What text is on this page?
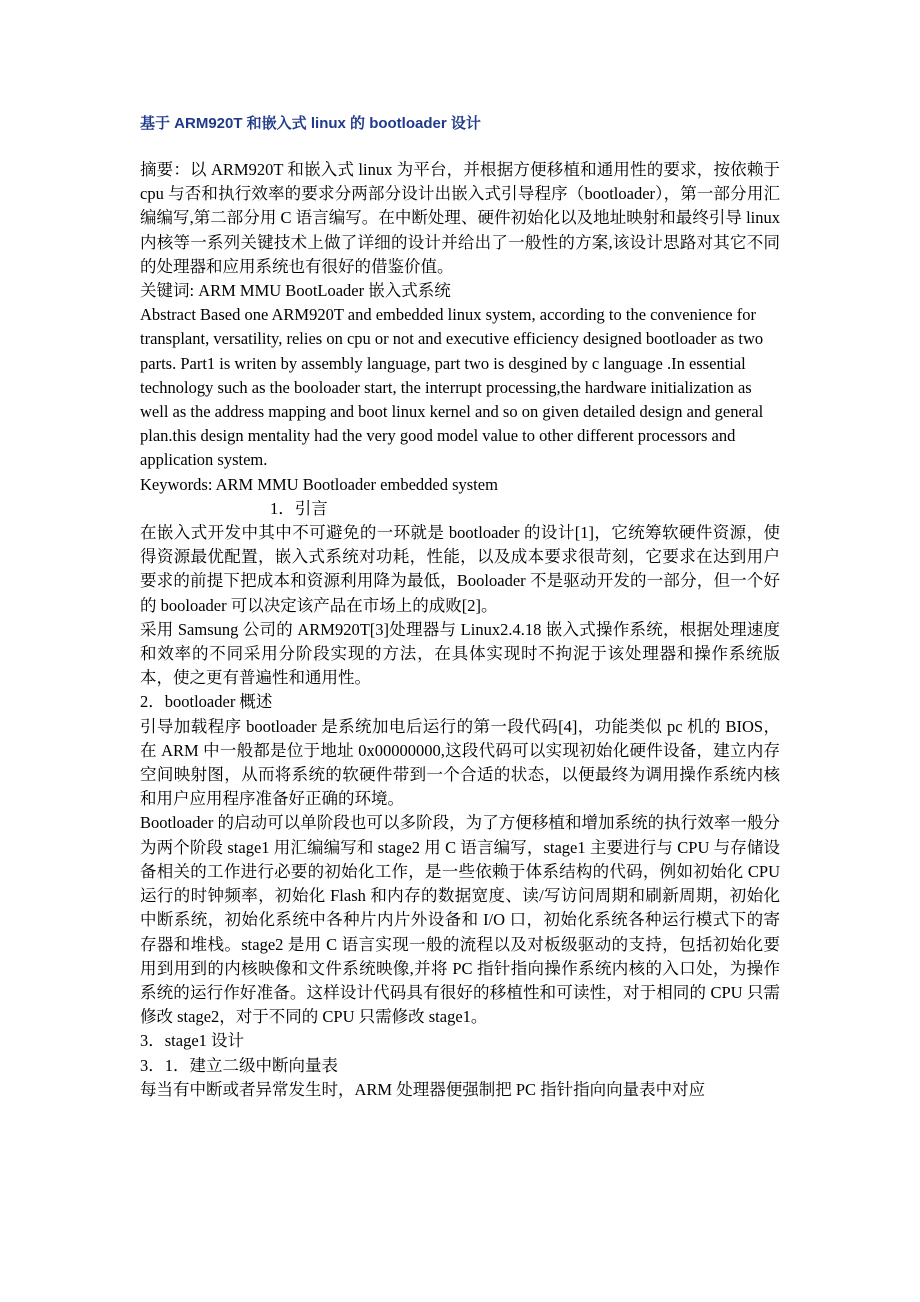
基于 ARM920T 和嵌入式 linux 的 bootloader 设计

摘要：以 ARM920T 和嵌入式 linux 为平台，并根据方便移植和通用性的要求，按依赖于 cpu 与否和执行效率的要求分两部分设计出嵌入式引导程序（bootloader），第一部分用汇编编写,第二部分用 C 语言编写。在中断处理、硬件初始化以及地址映射和最终引导 linux 内核等一系列关键技术上做了详细的设计并给出了一般性的方案,该设计思路对其它不同的处理器和应用系统也有很好的借鉴价值。

关键词: ARM MMU BootLoader 嵌入式系统

Abstract Based one ARM920T and embedded linux system, according to the convenience for transplant, versatility, relies on cpu or not and executive efficiency designed bootloader as two parts. Part1 is writen by assembly language, part two is desgined by c language .In essential technology such as the booloader start, the interrupt processing,the hardware initialization as well as the address mapping and boot linux kernel and so on given detailed design and general plan.this design mentality had the very good model value to other different processors and application system.

Keywords: ARM MMU Bootloader embedded system

1．引言

在嵌入式开发中其中不可避免的一环就是 bootloader 的设计[1]，它统筹软硬件资源，使得资源最优配置，嵌入式系统对功耗，性能，以及成本要求很苛刻，它要求在达到用户要求的前提下把成本和资源利用降为最低，Booloader 不是驱动开发的一部分，但一个好的 booloader 可以决定该产品在市场上的成败[2]。

采用 Samsung 公司的 ARM920T[3]处理器与 Linux2.4.18 嵌入式操作系统，根据处理速度和效率的不同采用分阶段实现的方法，在具体实现时不拘泥于该处理器和操作系统版本，使之更有普遍性和通用性。

2．bootloader 概述

引导加载程序 bootloader 是系统加电后运行的第一段代码[4]，功能类似 pc 机的 BIOS，在 ARM 中一般都是位于地址 0x00000000,这段代码可以实现初始化硬件设备，建立内存空间映射图，从而将系统的软硬件带到一个合适的状态，以便最终为调用操作系统内核和用户应用程序准备好正确的环境。

Bootloader 的启动可以单阶段也可以多阶段，为了方便移植和增加系统的执行效率一般分为两个阶段 stage1 用汇编编写和 stage2 用 C 语言编写，stage1 主要进行与 CPU 与存储设备相关的工作进行必要的初始化工作，是一些依赖于体系结构的代码，例如初始化 CPU 运行的时钟频率，初始化 Flash 和内存的数据宽度、读/写访问周期和刷新周期，初始化中断系统，初始化系统中各种片内片外设备和 I/O 口，初始化系统各种运行模式下的寄存器和堆栈。stage2 是用 C 语言实现一般的流程以及对板级驱动的支持，包括初始化要用到用到的内核映像和文件系统映像,并将 PC 指针指向操作系统内核的入口处，为操作系统的运行作好准备。这样设计代码具有很好的移植性和可读性，对于相同的 CPU 只需修改 stage2，对于不同的 CPU 只需修改 stage1。

3．stage1 设计

3．1．建立二级中断向量表

每当有中断或者异常发生时，ARM 处理器便强制把 PC 指针指向向量表中对应
